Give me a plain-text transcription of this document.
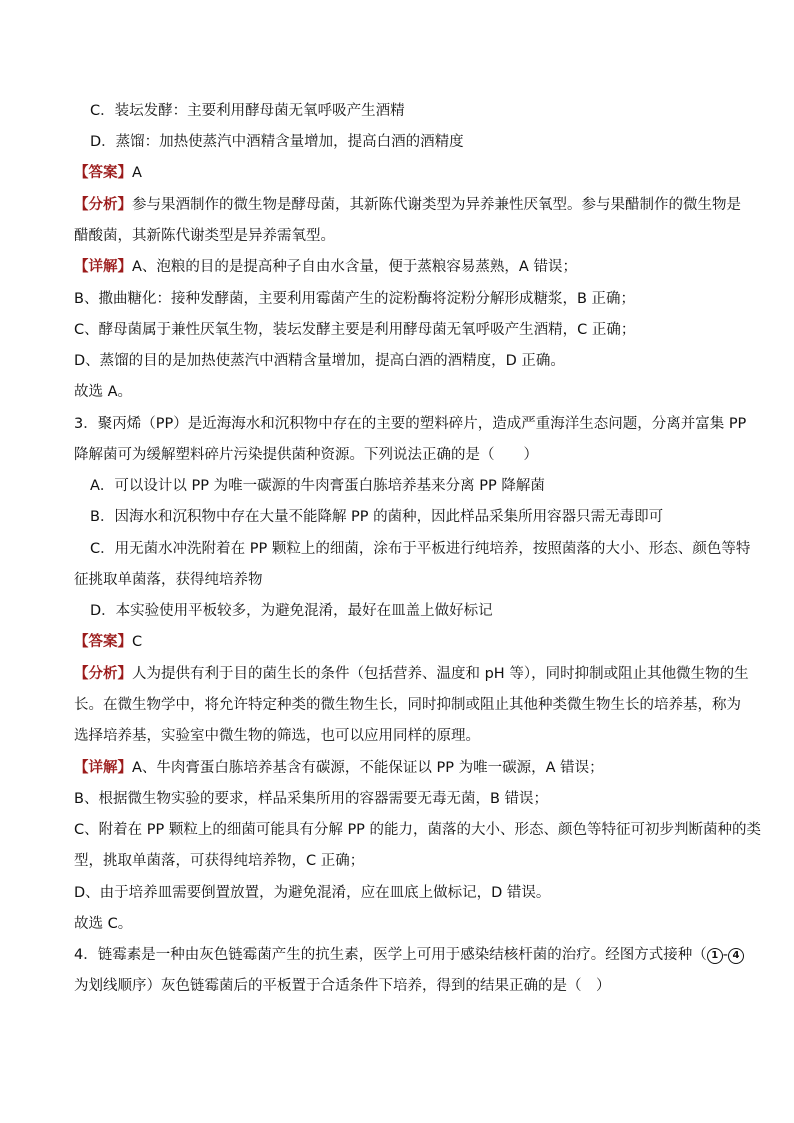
C．装坛发酵：主要利用酵母菌无氧呼吸产生酒精
D．蒸馏：加热使蒸汽中酒精含量增加，提高白酒的酒精度
【答案】A
【分析】参与果酒制作的微生物是酵母菌，其新陈代谢类型为异养兼性厌氧型。参与果醋制作的微生物是
醋酸菌，其新陈代谢类型是异养需氧型。
【详解】A、泡粮的目的是提高种子自由水含量，便于蒸粮容易蒸熟，A 错误；
B、撒曲糖化：接种发酵菌，主要利用霉菌产生的淀粉酶将淀粉分解形成糖浆，B 正确；
C、酵母菌属于兼性厌氧生物，装坛发酵主要是利用酵母菌无氧呼吸产生酒精，C 正确；
D、蒸馏的目的是加热使蒸汽中酒精含量增加，提高白酒的酒精度，D 正确。
故选 A。
3．聚丙烯（PP）是近海海水和沉积物中存在的主要的塑料碎片，造成严重海洋生态问题，分离并富集 PP
降解菌可为缓解塑料碎片污染提供菌种资源。下列说法正确的是（　　）
A．可以设计以 PP 为唯一碳源的牛肉膏蛋白胨培养基来分离 PP 降解菌
B．因海水和沉积物中存在大量不能降解 PP 的菌种，因此样品采集所用容器只需无毒即可
C．用无菌水冲洗附着在 PP 颗粒上的细菌，涂布于平板进行纯培养，按照菌落的大小、形态、颜色等特
征挑取单菌落，获得纯培养物
D．本实验使用平板较多，为避免混淆，最好在皿盖上做好标记
【答案】C
【分析】人为提供有利于目的菌生长的条件（包括营养、温度和 pH 等），同时抑制或阻止其他微生物的生
长。在微生物学中，将允许特定种类的微生物生长，同时抑制或阻止其他种类微生物生长的培养基，称为
选择培养基，实验室中微生物的筛选，也可以应用同样的原理。
【详解】A、牛肉膏蛋白胨培养基含有碳源，不能保证以 PP 为唯一碳源，A 错误；
B、根据微生物实验的要求，样品采集所用的容器需要无毒无菌，B 错误；
C、附着在 PP 颗粒上的细菌可能具有分解 PP 的能力，菌落的大小、形态、颜色等特征可初步判断菌种的类
型，挑取单菌落，可获得纯培养物，C 正确；
D、由于培养皿需要倒置放置，为避免混淆，应在皿底上做标记，D 错误。
故选 C。
4．链霉素是一种由灰色链霉菌产生的抗生素，医学上可用于感染结核杆菌的治疗。经图方式接种（ 1 - 4
为划线顺序）灰色链霉菌后的平板置于合适条件下培养，得到的结果正确的是（　）
